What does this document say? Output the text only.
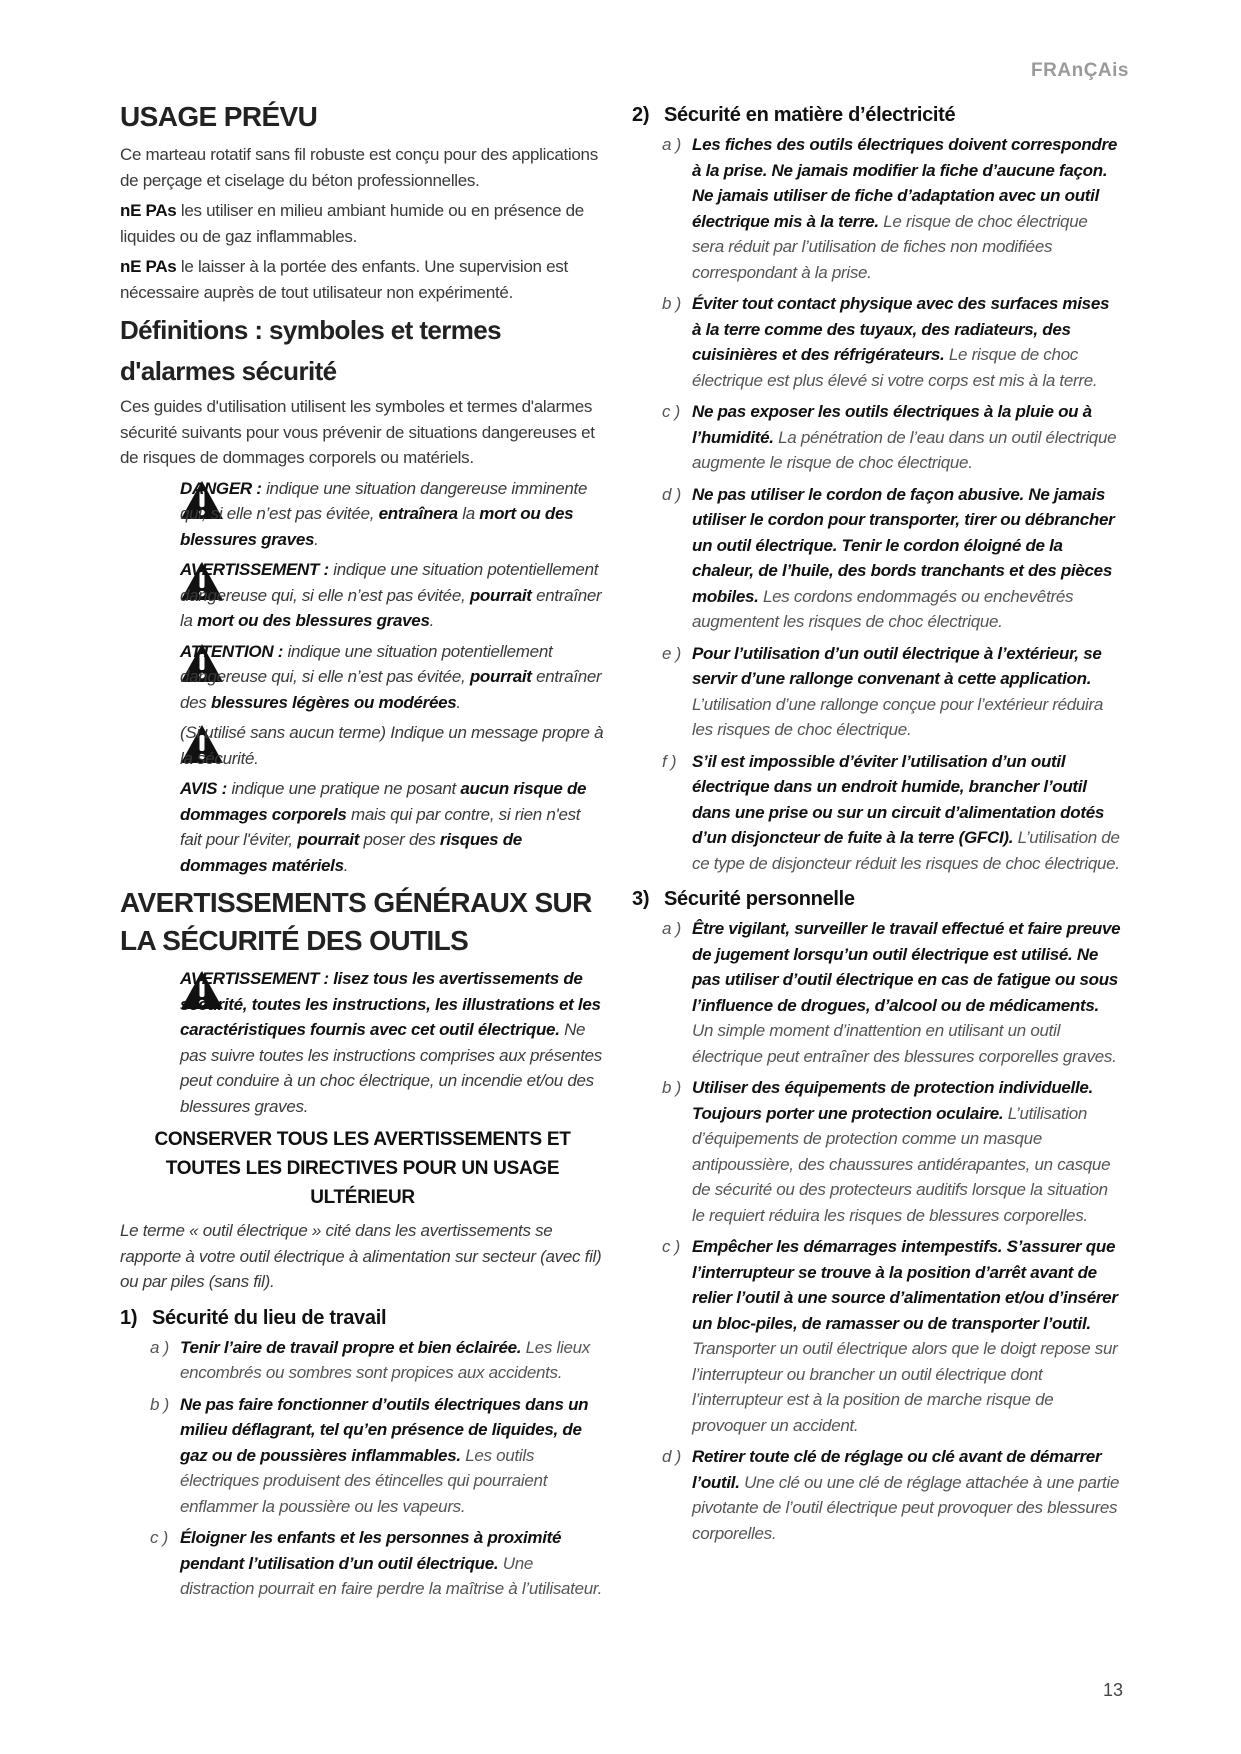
FRAnÇAis
USAGE PRÉVU

Ce marteau rotatif sans fil robuste est conçu pour des applications de perçage et ciselage du béton professionnelles.

nE PAs les utiliser en milieu ambiant humide ou en présence de liquides ou de gaz inflammables.

nE PAs le laisser à la portée des enfants. Une supervision est nécessaire auprès de tout utilisateur non expérimenté.

Définitions : symboles et termes d'alarmes sécurité

Ces guides d'utilisation utilisent les symboles et termes d'alarmes sécurité suivants pour vous prévenir de situations dangereuses et de risques de dommages corporels ou matériels.

DANGER : indique une situation dangereuse imminente qui, si elle n’est pas évitée, entraînera la mort ou des blessures graves.
AVERTISSEMENT : indique une situation potentiellement dangereuse qui, si elle n’est pas évitée, pourrait entraîner la mort ou des blessures graves.
ATTENTION : indique une situation potentiellement dangereuse qui, si elle n’est pas évitée, pourrait entraîner des blessures légères ou modérées.
(Si utilisé sans aucun terme) Indique un message propre à la sécurité.
AVIS : indique une pratique ne posant aucun risque de dommages corporels mais qui par contre, si rien n'est fait pour l'éviter, pourrait poser des risques de dommages matériels.
AVERTISSEMENTS GÉNÉRAUX SUR LA SÉCURITÉ DES OUTILS
AVERTISSEMENT : lisez tous les avertissements de sécurité, toutes les instructions, les illustrations et les caractéristiques fournis avec cet outil électrique. Ne pas suivre toutes les instructions comprises aux présentes peut conduire à un choc électrique, un incendie et/ou des blessures graves.
CONSERVER TOUS LES AVERTISSEMENTS ET TOUTES LES DIRECTIVES POUR UN USAGE ULTÉRIEUR

Le terme « outil électrique » cité dans les avertissements se rapporte à votre outil électrique à alimentation sur secteur (avec fil) ou par piles (sans fil).

1) Sécurité du lieu de travail
a ) Tenir l’aire de travail propre et bien éclairée. Les lieux encombrés ou sombres sont propices aux accidents.
b ) Ne pas faire fonctionner d’outils électriques dans un milieu déflagrant, tel qu’en présence de liquides, de gaz ou de poussières inflammables. Les outils électriques produisent des étincelles qui pourraient enflammer la poussière ou les vapeurs.
c ) Éloigner les enfants et les personnes à proximité pendant l’utilisation d’un outil électrique. Une distraction pourrait en faire perdre la maîtrise à l’utilisateur.
2) Sécurité en matière d’électricité
a ) Les fiches des outils électriques doivent correspondre à la prise. Ne jamais modifier la fiche d’aucune façon. Ne jamais utiliser de fiche d’adaptation avec un outil électrique mis à la terre. Le risque de choc électrique sera réduit par l’utilisation de fiches non modifiées correspondant à la prise.
b ) Éviter tout contact physique avec des surfaces mises à la terre comme des tuyaux, des radiateurs, des cuisinières et des réfrigérateurs. Le risque de choc électrique est plus élevé si votre corps est mis à la terre.
c ) Ne pas exposer les outils électriques à la pluie ou à l’humidité. La pénétration de l’eau dans un outil électrique augmente le risque de choc électrique.
d ) Ne pas utiliser le cordon de façon abusive. Ne jamais utiliser le cordon pour transporter, tirer ou débrancher un outil électrique. Tenir le cordon éloigné de la chaleur, de l’huile, des bords tranchants et des pièces mobiles. Les cordons endommagés ou enchevêtrés augmentent les risques de choc électrique.
e ) Pour l’utilisation d’un outil électrique à l’extérieur, se servir d’une rallonge convenant à cette application. L’utilisation d’une rallonge conçue pour l’extérieur réduira les risques de choc électrique.
f ) S’il est impossible d’éviter l’utilisation d’un outil électrique dans un endroit humide, brancher l’outil dans une prise ou sur un circuit d’alimentation dotés d’un disjoncteur de fuite à la terre (GFCI). L’utilisation de ce type de disjoncteur réduit les risques de choc électrique.
3) Sécurité personnelle
a ) Être vigilant, surveiller le travail effectué et faire preuve de jugement lorsqu’un outil électrique est utilisé. Ne pas utiliser d’outil électrique en cas de fatigue ou sous l’influence de drogues, d’alcool ou de médicaments. Un simple moment d’inattention en utilisant un outil électrique peut entraîner des blessures corporelles graves.
b ) Utiliser des équipements de protection individuelle. Toujours porter une protection oculaire. L’utilisation d’équipements de protection comme un masque antipoussière, des chaussures antidérapantes, un casque de sécurité ou des protecteurs auditifs lorsque la situation le requiert réduira les risques de blessures corporelles.
c ) Empêcher les démarrages intempestifs. S’assurer que l’interrupteur se trouve à la position d’arrêt avant de relier l’outil à une source d’alimentation et/ou d’insérer un bloc-piles, de ramasser ou de transporter l’outil. Transporter un outil électrique alors que le doigt repose sur l’interrupteur ou brancher un outil électrique dont l’interrupteur est à la position de marche risque de provoquer un accident.
d ) Retirer toute clé de réglage ou clé avant de démarrer l’outil. Une clé ou une clé de réglage attachée à une partie pivotante de l’outil électrique peut provoquer des blessures corporelles.
13
